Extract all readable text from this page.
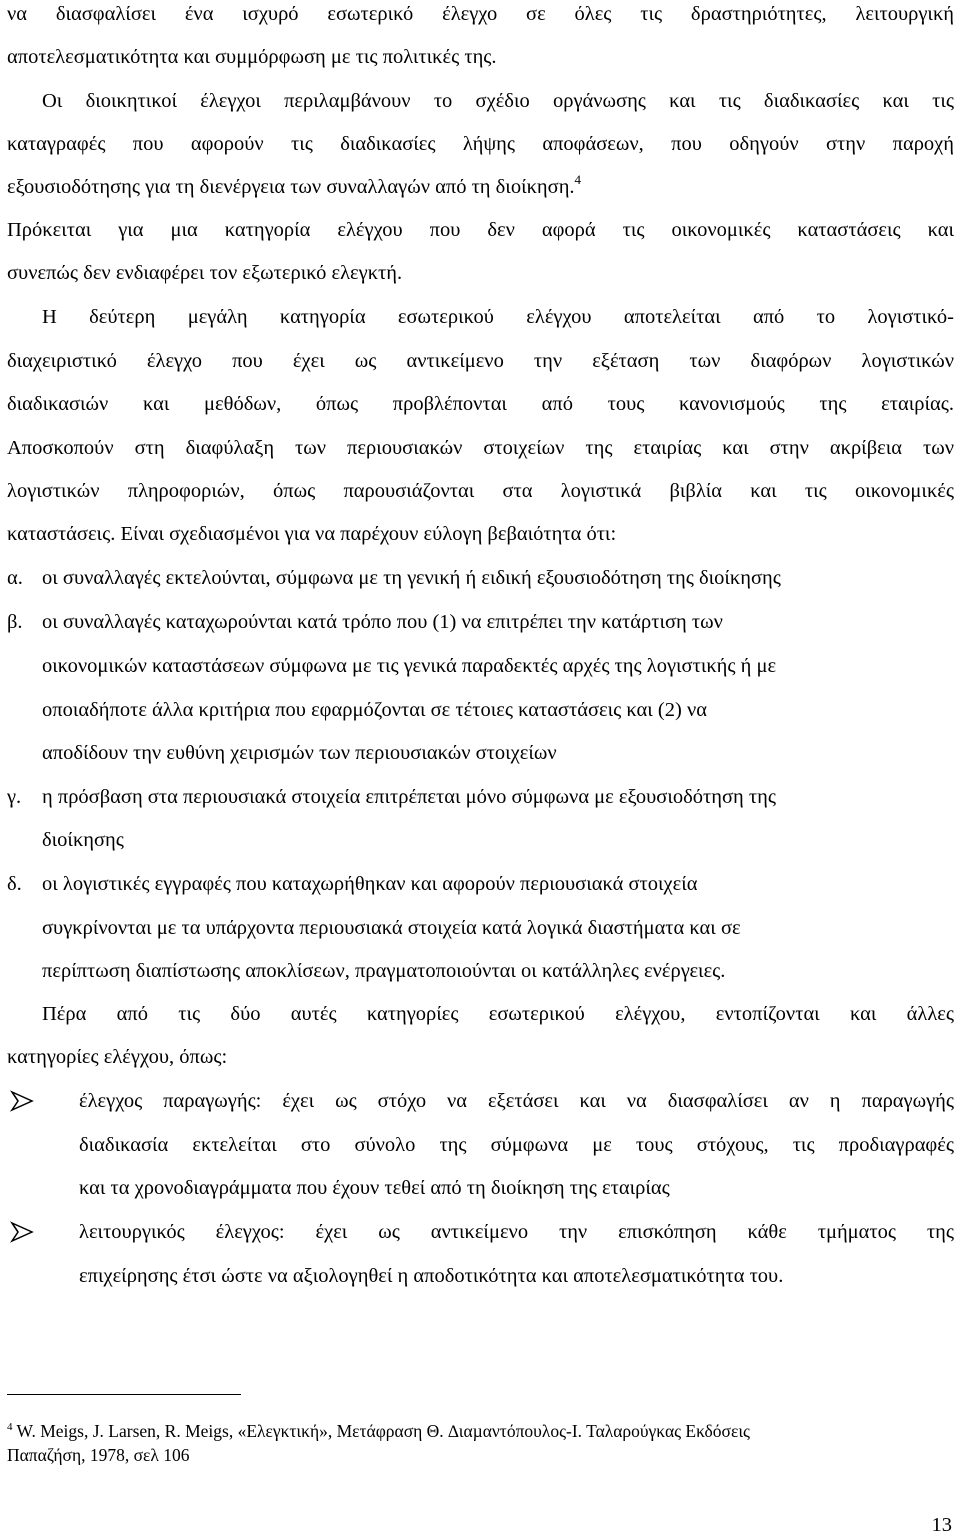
να διασφαλίσει ένα ισχυρό εσωτερικό έλεγχο σε όλες τις δραστηριότητες, λειτουργική
αποτελεσματικότητα και συμμόρφωση με τις πολιτικές της.
Οι διοικητικοί έλεγχοι περιλαμβάνουν το σχέδιο οργάνωσης και τις διαδικασίες και τις
καταγραφές που αφορούν τις διαδικασίες λήψης αποφάσεων, που οδηγούν στην παροχή
εξουσιοδότησης για τη διενέργεια των συναλλαγών από τη διοίκηση.$^4$
Πρόκειται για μια κατηγορία ελέγχου που δεν αφορά τις οικονομικές καταστάσεις και
συνεπώς δεν ενδιαφέρει τον εξωτερικό ελεγκτή.
Η δεύτερη μεγάλη κατηγορία εσωτερικού ελέγχου αποτελείται από το λογιστικό-
διαχειριστικό έλεγχο που έχει ως αντικείμενο την εξέταση των διαφόρων λογιστικών
διαδικασιών και μεθόδων, όπως προβλέπονται από τους κανονισμούς της εταιρίας.
Αποσκοπούν στη διαφύλαξη των περιουσιακών στοιχείων της εταιρίας και στην ακρίβεια των
λογιστικών πληροφοριών, όπως παρουσιάζονται στα λογιστικά βιβλία και τις οικονομικές
καταστάσεις. Είναι σχεδιασμένοι για να παρέχουν εύλογη βεβαιότητα ότι:
α. οι συναλλαγές εκτελούνται, σύμφωνα με τη γενική ή ειδική εξουσιοδότηση της διοίκησης
β. οι συναλλαγές καταχωρούνται κατά τρόπο που (1) να επιτρέπει την κατάρτιση των
οικονομικών καταστάσεων σύμφωνα με τις γενικά παραδεκτές αρχές της λογιστικής ή με
οποιαδήποτε άλλα κριτήρια που εφαρμόζονται σε τέτοιες καταστάσεις και (2) να
αποδίδουν την ευθύνη χειρισμών των περιουσιακών στοιχείων
γ. η πρόσβαση στα περιουσιακά στοιχεία επιτρέπεται μόνο σύμφωνα με εξουσιοδότηση της
διοίκησης
δ. οι λογιστικές εγγραφές που καταχωρήθηκαν και αφορούν περιουσιακά στοιχεία
συγκρίνονται με τα υπάρχοντα περιουσιακά στοιχεία κατά λογικά διαστήματα και σε
περίπτωση διαπίστωσης αποκλίσεων, πραγματοποιούνται οι κατάλληλες ενέργειες.
Πέρα από τις δύο αυτές κατηγορίες εσωτερικού ελέγχου, εντοπίζονται και άλλες
κατηγορίες ελέγχου, όπως:
έλεγχος παραγωγής: έχει ως στόχο να εξετάσει και να διασφαλίσει αν η παραγωγής
διαδικασία εκτελείται στο σύνολο της σύμφωνα με τους στόχους, τις προδιαγραφές
και τα χρονοδιαγράμματα που έχουν τεθεί από τη διοίκηση της εταιρίας
λειτουργικός έλεγχος: έχει ως αντικείμενο την επισκόπηση κάθε τμήματος της
επιχείρησης έτσι ώστε να αξιολογηθεί η αποδοτικότητα και αποτελεσματικότητα του.
$^4$ W. Meigs, J. Larsen, R. Meigs, «Ελεγκτική», Μετάφραση Θ. ∆ιαµαντόπουλος-Ι. Ταλαρούγκας Εκδόσεις
Παπαζήση, 1978, σελ 106
13
